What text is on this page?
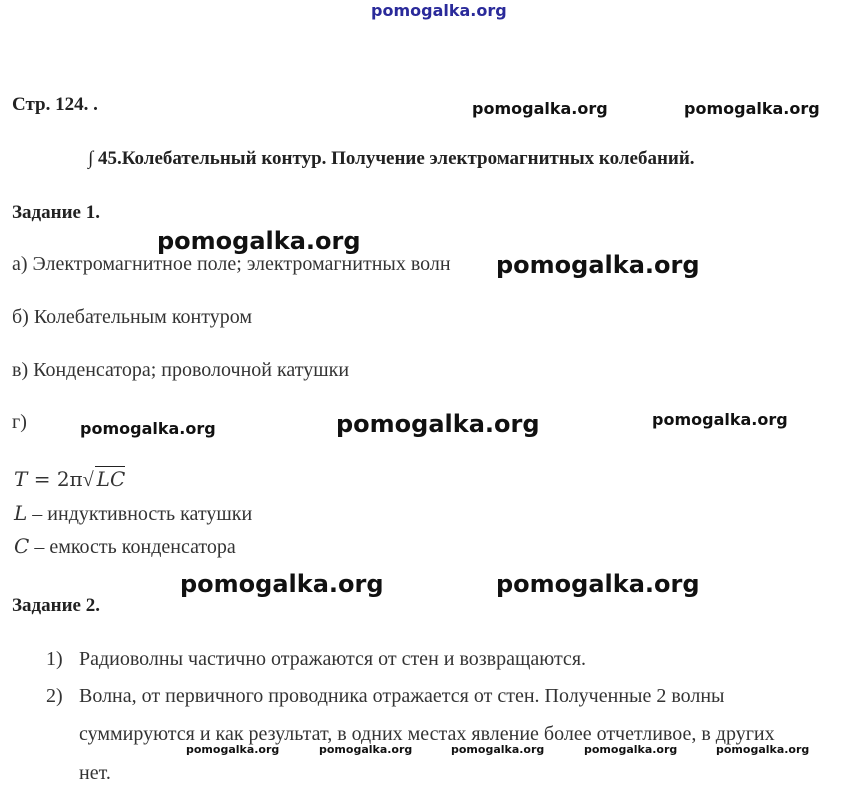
pomogalka.org
Стр. 124. .
∫ 45.Колебательный контур. Получение электромагнитных колебаний.
Задание 1.
а) Электромагнитное поле; электромагнитных волн
б) Колебательным контуром
в) Конденсатора; проволочной катушки
г)
T = 2π√ LC
L – индуктивность катушки
C – емкость конденсатора
Задание 2.
1) Радиоволны частично отражаются от стен и возвращаются.
2) Волна, от первичного проводника отражается от стен. Полученные 2 волны
суммируются и как результат, в одних местах явление более отчетливое, в других
нет.
pomogalka.org	pomogalka.org
pomogalka.org
pomogalka.org
pomogalka.org	pomogalka.org	pomogalka.org
pomogalka.org	pomogalka.org
pomogalka.org	pomogalka.org	pomogalka.org	pomogalka.org	pomogalka.org
